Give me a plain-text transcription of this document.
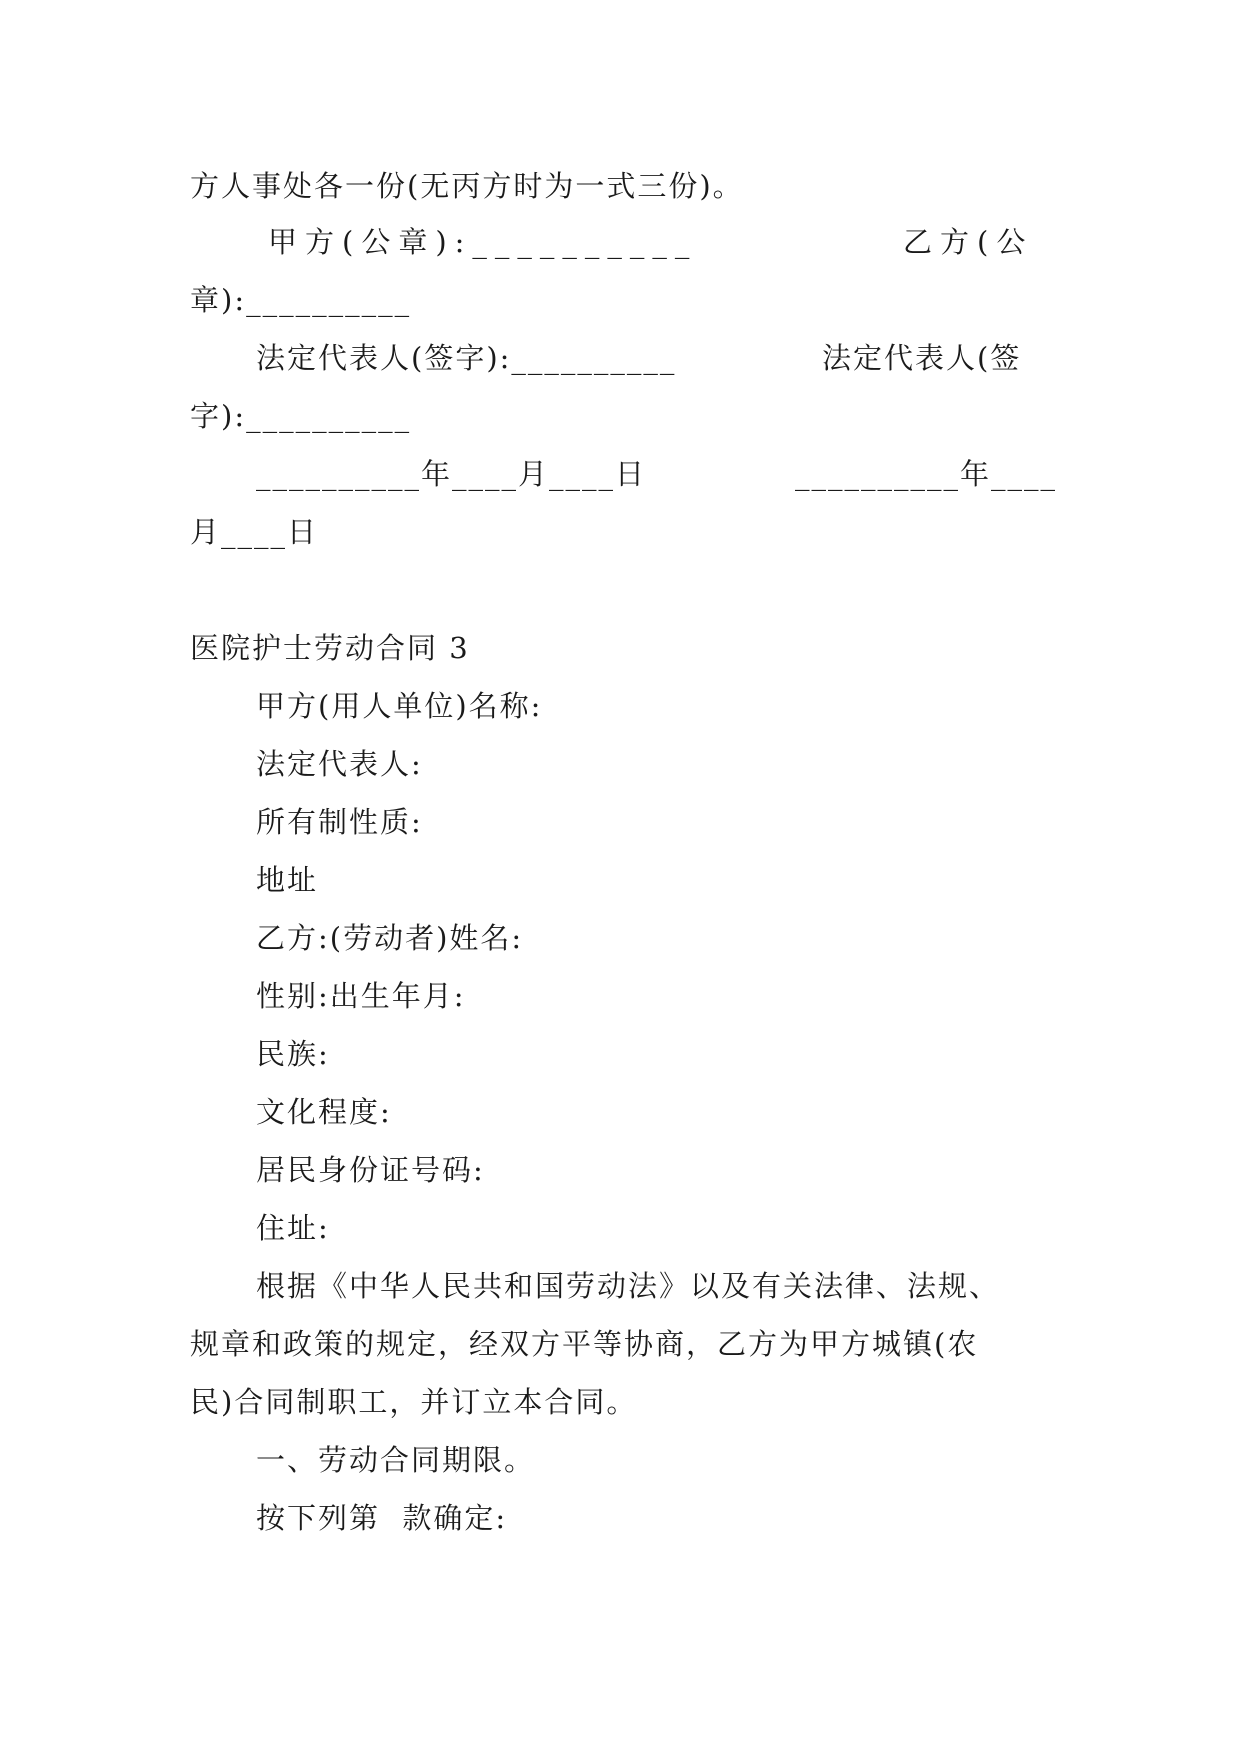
方人事处各一份(无丙方时为一式三份)。
甲方(公章):__________	乙方(公
章):__________
法定代表人(签字):__________	法定代表人(签
字):__________
__________年____月____日	__________年____
月____日
医院护士劳动合同 3
甲方(用人单位)名称:
法定代表人:
所有制性质:
地址
乙方:(劳动者)姓名:
性别:出生年月:
民族:
文化程度:
居民身份证号码:
住址:
根据《中华人民共和国劳动法》以及有关法律、法规、
规章和政策的规定，经双方平等协商，乙方为甲方城镇(农
民)合同制职工，并订立本合同。
一、劳动合同期限。
按下列第  款确定:
